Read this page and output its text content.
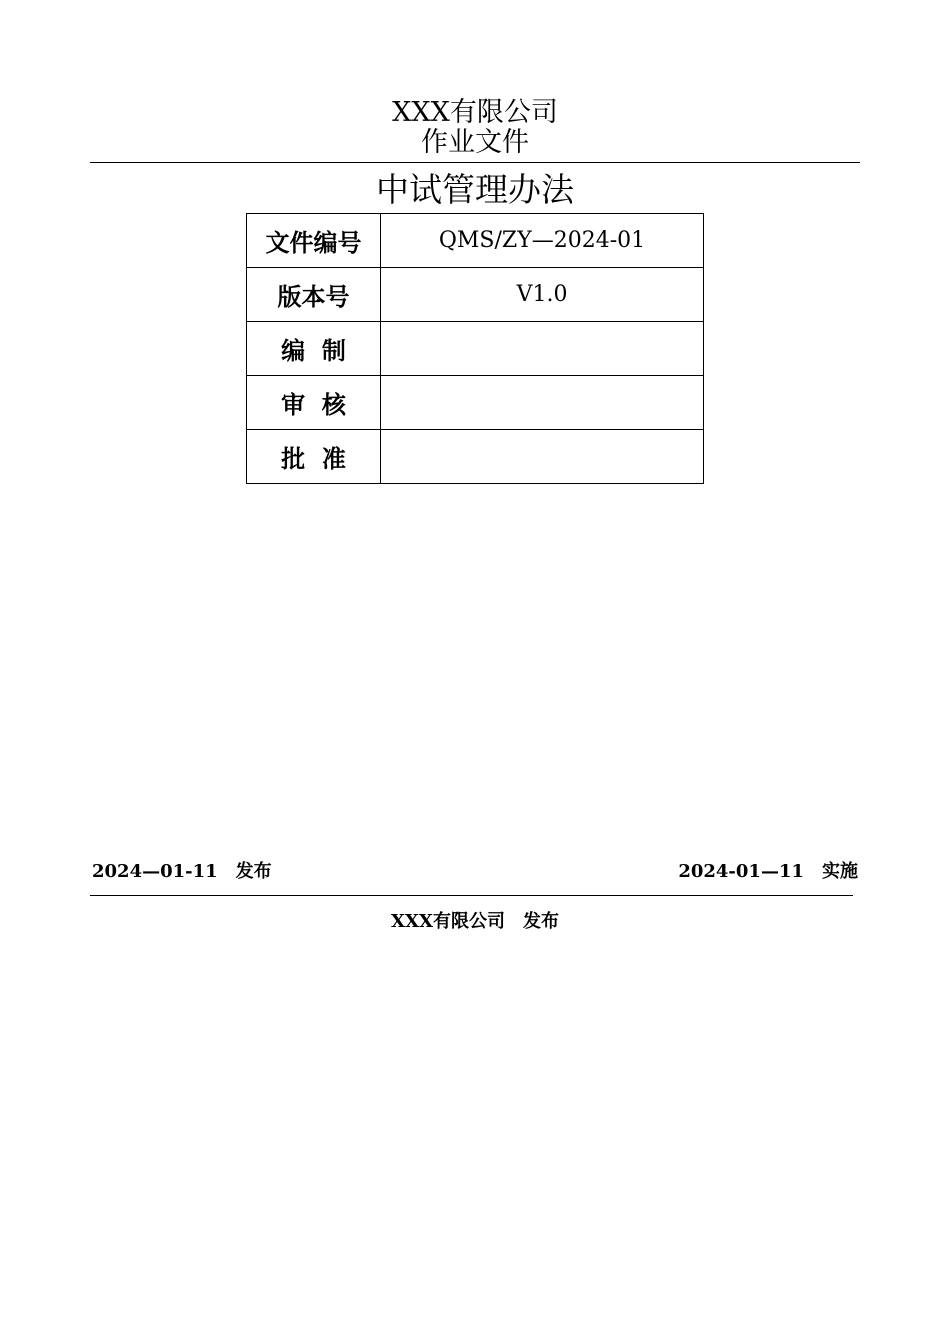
XXX有限公司
作业文件
中试管理办法
文件编号	QMS/ZY—2024-01
版本号	V1.0
编  制	
审  核	
批  准	
2024—01-11 发布	2024-01—11 实施
XXX有限公司 发布
